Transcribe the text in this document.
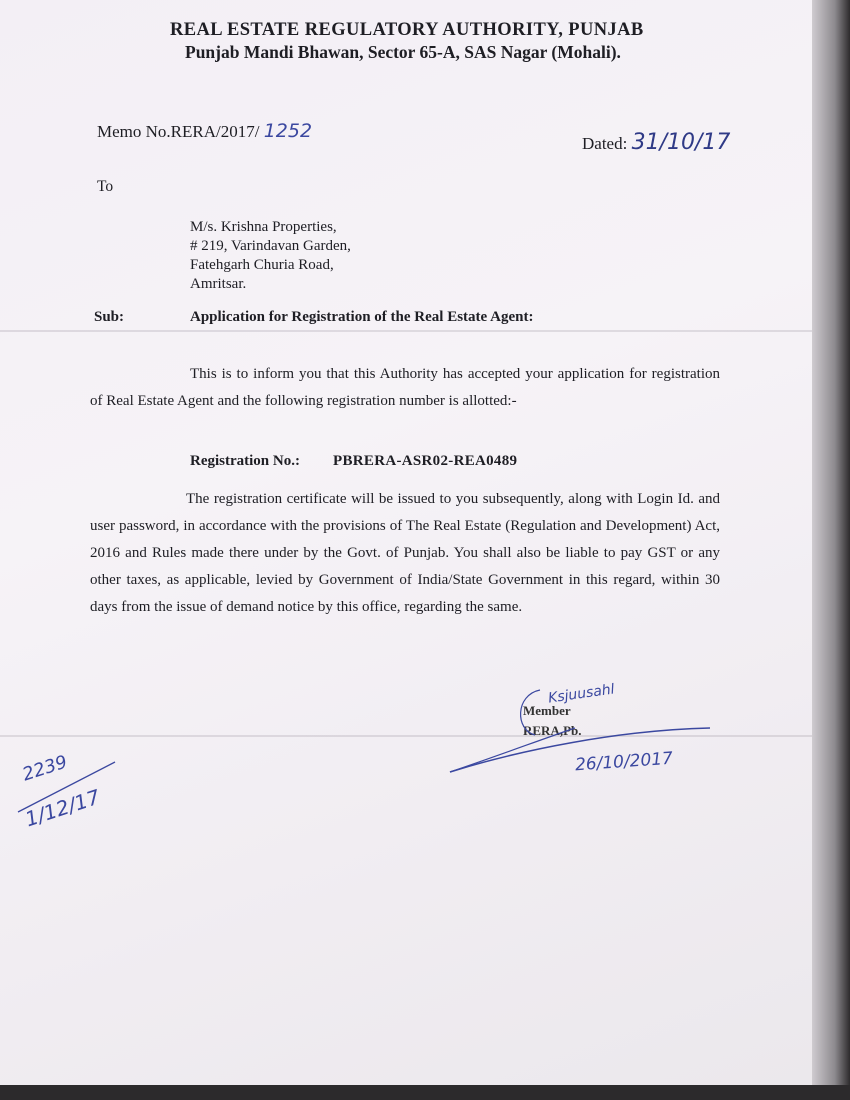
REAL ESTATE REGULATORY AUTHORITY, PUNJAB
Punjab Mandi Bhawan, Sector 65-A, SAS Nagar (Mohali).
Memo No.RERA/2017/ 1252
Dated: 31/10/17
To
M/s. Krishna Properties,
# 219, Varindavan Garden,
Fatehgarh Churia Road,
Amritsar.
Sub:	Application for Registration of the Real Estate Agent:
This is to inform you that this Authority has accepted your application for registration of Real Estate Agent and the following registration number is allotted:-
Registration No.: PBRERA-ASR02-REA0489
The registration certificate will be issued to you subsequently, along with Login Id. and user password, in accordance with the provisions of The Real Estate (Regulation and Development) Act, 2016 and Rules made there under by the Govt. of Punjab. You shall also be liable to pay GST or any other taxes, as applicable, levied by Government of India/State Government in this regard, within 30 days from the issue of demand notice by this office, regarding the same.
Member
RERA,Pb.
Ksjuusahl
26/10/2017
2239
1/12/17
